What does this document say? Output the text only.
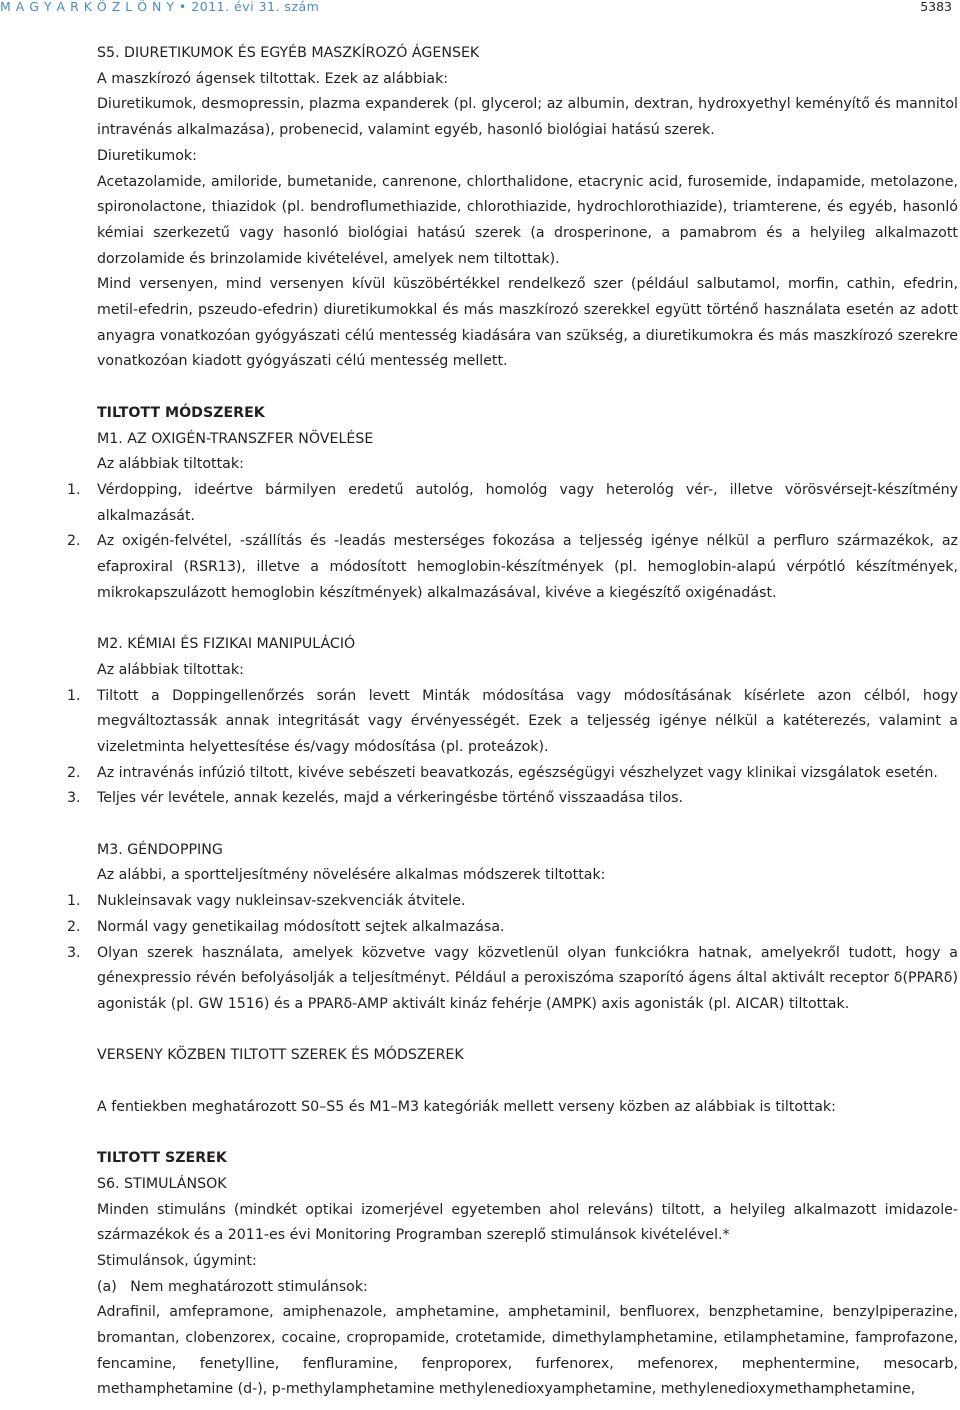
M A G Y A R K Ö Z L Ö N Y • 2011. évi 31. szám	5383

S5. DIURETIKUMOK ÉS EGYÉB MASZKÍROZÓ ÁGENSEK

A maszkírozó ágensek tiltottak. Ezek az alábbiak:

Diuretikumok, desmopressin, plazma expanderek (pl. glycerol; az albumin, dextran, hydroxyethyl keményítő és mannitol intravénás alkalmazása), probenecid, valamint egyéb, hasonló biológiai hatású szerek.

Diuretikumok:

Acetazolamide, amiloride, bumetanide, canrenone, chlorthalidone, etacrynic acid, furosemide, indapamide, metolazone, spironolactone, thiazidok (pl. bendroflumethiazide, chlorothiazide, hydrochlorothiazide), triamterene, és egyéb, hasonló kémiai szerkezetű vagy hasonló biológiai hatású szerek (a drosperinone, a pamabrom és a helyileg alkalmazott dorzolamide és brinzolamide kivételével, amelyek nem tiltottak).

Mind versenyen, mind versenyen kívül küszöbértékkel rendelkező szer (például salbutamol, morfin, cathin, efedrin, metil-efedrin, pszeudo-efedrin) diuretikumokkal és más maszkírozó szerekkel együtt történő használata esetén az adott anyagra vonatkozóan gyógyászati célú mentesség kiadására van szükség, a diuretikumokra és más maszkírozó szerekre vonatkozóan kiadott gyógyászati célú mentesség mellett.

TILTOTT MÓDSZEREK

M1. AZ OXIGÉN-TRANSZFER NÖVELÉSE

Az alábbiak tiltottak:

1. Vérdopping, ideértve bármilyen eredetű autológ, homológ vagy heterológ vér-, illetve vörösvérsejt-készítmény alkalmazását.
2. Az oxigén-felvétel, -szállítás és -leadás mesterséges fokozása a teljesség igénye nélkül a perfluro származékok, az efaproxiral (RSR13), illetve a módosított hemoglobin-készítmények (pl. hemoglobin-alapú vérpótló készítmények, mikrokapszulázott hemoglobin készítmények) alkalmazásával, kivéve a kiegészítő oxigénadást.

M2. KÉMIAI ÉS FIZIKAI MANIPULÁCIÓ

Az alábbiak tiltottak:

1. Tiltott a Doppingellenőrzés során levett Minták módosítása vagy módosításának kísérlete azon célból, hogy megváltoztassák annak integritását vagy érvényességét. Ezek a teljesség igénye nélkül a katéterezés, valamint a vizeletminta helyettesítése és/vagy módosítása (pl. proteázok).
2. Az intravénás infúzió tiltott, kivéve sebészeti beavatkozás, egészségügyi vészhelyzet vagy klinikai vizsgálatok esetén.
3. Teljes vér levétele, annak kezelés, majd a vérkeringésbe történő visszaadása tilos.

M3. GÉNDOPPING

Az alábbi, a sportteljesítmény növelésére alkalmas módszerek tiltottak:

1. Nukleinsavak vagy nukleinsav-szekvenciák átvitele.
2. Normál vagy genetikailag módosított sejtek alkalmazása.
3. Olyan szerek használata, amelyek közvetve vagy közvetlenül olyan funkciókra hatnak, amelyekről tudott, hogy a génexpressio révén befolyásolják a teljesítményt. Például a peroxiszóma szaporító ágens által aktivált receptor δ(PPARδ) agonisták (pl. GW 1516) és a PPARδ-AMP aktivált kináz fehérje (AMPK) axis agonisták (pl. AICAR) tiltottak.

VERSENY KÖZBEN TILTOTT SZEREK ÉS MÓDSZEREK

A fentiekben meghatározott S0–S5 és M1–M3 kategóriák mellett verseny közben az alábbiak is tiltottak:

TILTOTT SZEREK

S6. STIMULÁNSOK

Minden stimuláns (mindkét optikai izomerjével egyetemben ahol releváns) tiltott, a helyileg alkalmazott imidazole-származékok és a 2011-es évi Monitoring Programban szereplő stimulánsok kivételével.*

Stimulánsok, úgymint:

(a) Nem meghatározott stimulánsok:

Adrafinil, amfepramone, amiphenazole, amphetamine, amphetaminil, benfluorex, benzphetamine, benzylpiperazine, bromantan, clobenzorex, cocaine, cropropamide, crotetamide, dimethylamphetamine, etilamphetamine, famprofazone, fencamine, fenetylline, fenfluramine, fenproporex, furfenorex, mefenorex, mephentermine, mesocarb, methamphetamine (d-), p-methylamphetamine methylenedioxyamphetamine, methylenedioxymethamphetamine,
